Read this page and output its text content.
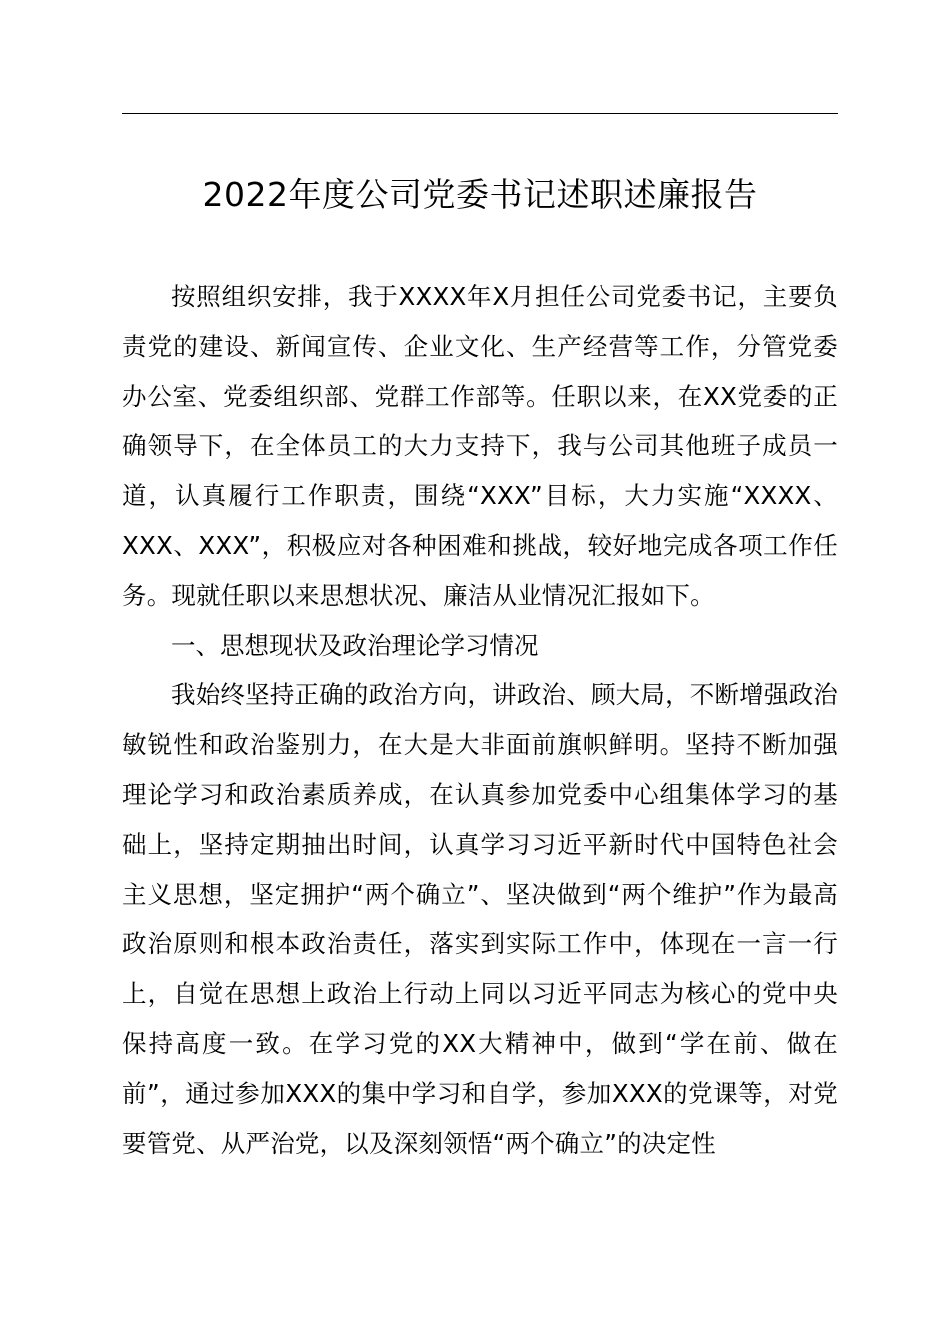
2022年度公司党委书记述职述廉报告

按照组织安排，我于XXXX年X月担任公司党委书记，主要负责党的建设、新闻宣传、企业文化、生产经营等工作，分管党委办公室、党委组织部、党群工作部等。任职以来，在XX党委的正确领导下，在全体员工的大力支持下，我与公司其他班子成员一道，认真履行工作职责，围绕“XXX”目标，大力实施“XXXX、XXX、XXX”，积极应对各种困难和挑战，较好地完成各项工作任务。现就任职以来思想状况、廉洁从业情况汇报如下。

一、思想现状及政治理论学习情况

我始终坚持正确的政治方向，讲政治、顾大局，不断增强政治敏锐性和政治鉴别力，在大是大非面前旗帜鲜明。坚持不断加强理论学习和政治素质养成，在认真参加党委中心组集体学习的基础上，坚持定期抽出时间，认真学习习近平新时代中国特色社会主义思想，坚定拥护“两个确立”、坚决做到“两个维护”作为最高政治原则和根本政治责任，落实到实际工作中，体现在一言一行上，自觉在思想上政治上行动上同以习近平同志为核心的党中央保持高度一致。在学习党的XX大精神中，做到“学在前、做在前”，通过参加XXX的集中学习和自学，参加XXX的党课等，对党要管党、从严治党，以及深刻领悟“两个确立”的决定性
